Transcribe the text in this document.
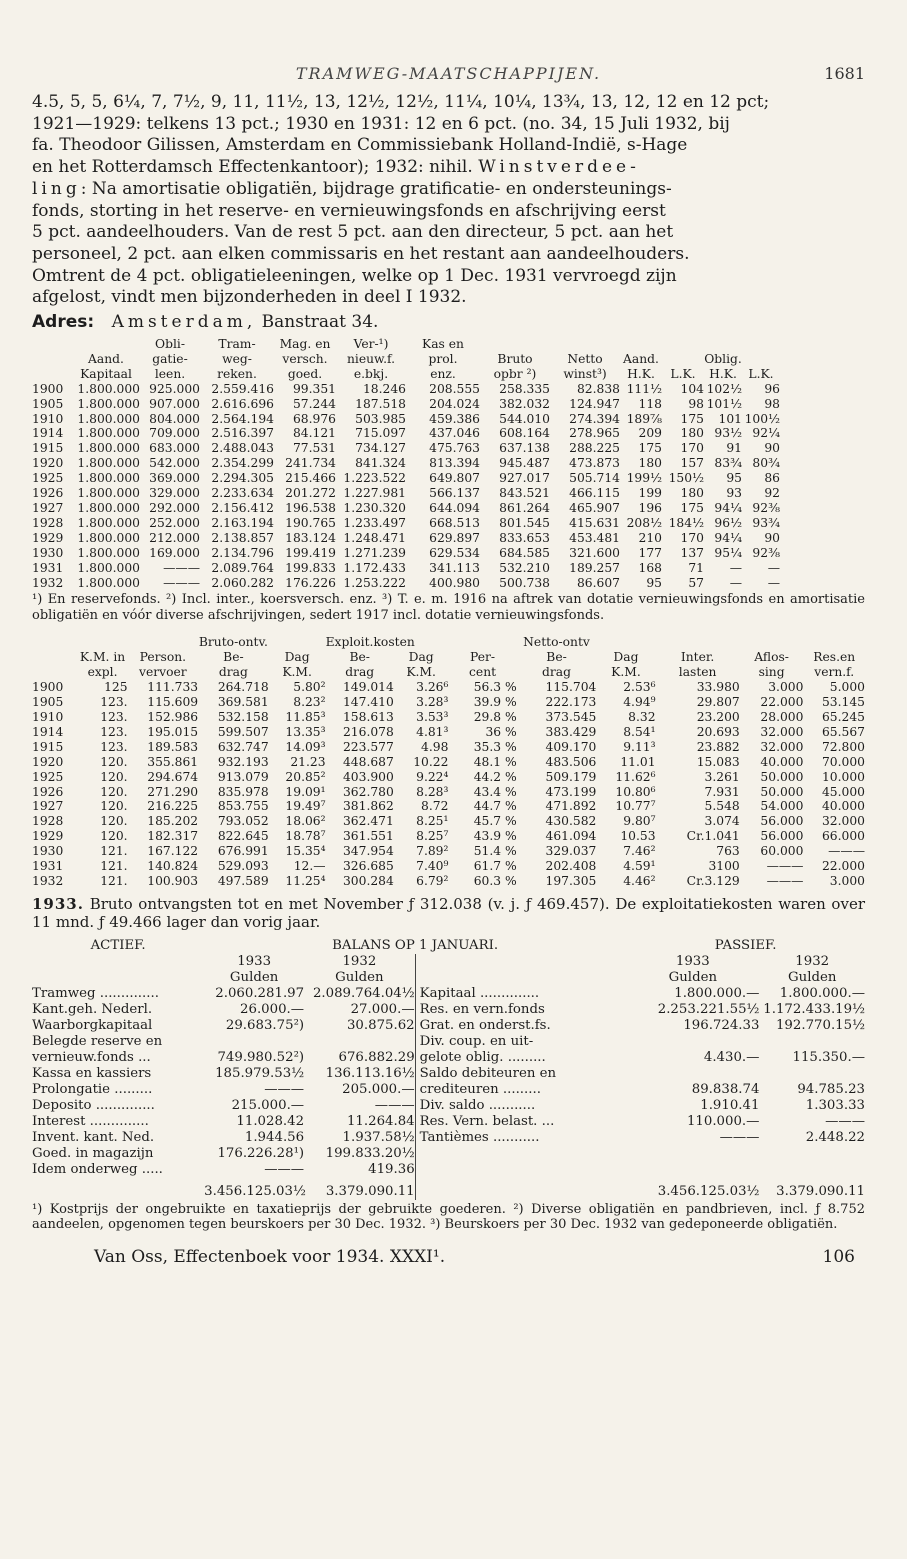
TRAMWEG-MAATSCHAPPIJEN.	1681

4.5, 5, 5, 6¼, 7, 7½, 9, 11, 11½, 13, 12½, 12½, 11¼, 10¼, 13¾, 13, 12, 12 en 12 pct;

1921—1929: telkens 13 pct.; 1930 en 1931: 12 en 6 pct. (no. 34, 15 Juli 1932, bij

fa. Theodoor Gilissen, Amsterdam en Commissiebank Holland-Indië, s-Hage

en het Rotterdamsch Effectenkantoor); 1932: nihil. Winstverdee-

ling: Na amortisatie obligatiën, bijdrage gratificatie- en ondersteunings-

fonds, storting in het reserve- en vernieuwingsfonds en afschrijving eerst

5 pct. aandeelhouders. Van de rest 5 pct. aan den directeur, 5 pct. aan het

personeel, 2 pct. aan elken commissaris en het restant aan aandeelhouders.

Omtrent de 4 pct. obligatieleeningen, welke op 1 Dec. 1931 vervroegd zijn

afgelost, vindt men bijzonderheden in deel I 1932.

Adres: Amsterdam, Banstraat 34.
		Obli-	Tram-	Mag. en	Ver-¹)	Kas en							
	Aand.	gatie-	weg-	versch.	nieuw.f.	prol.	Bruto	Netto	Aand.		Oblig.		
	Kapitaal	leen.	reken.	goed.	e.bkj.	enz.	opbr ²)	winst³)	H.K.	L.K.	H.K.	L.K.	
1900	1.800.000	925.000	2.559.416	99.351	18.246	208.555	258.335	82.838	111½	104	102½	96	
1905	1.800.000	907.000	2.616.696	57.244	187.518	204.024	382.032	124.947	118	98	101½	98	
1910	1.800.000	804.000	2.564.194	68.976	503.985	459.386	544.010	274.394	189⅞	175	101	100½	
1914	1.800.000	709.000	2.516.397	84.121	715.097	437.046	608.164	278.965	209	180	93½	92¼	
1915	1.800.000	683.000	2.488.043	77.531	734.127	475.763	637.138	288.225	175	170	91	90	
1920	1.800.000	542.000	2.354.299	241.734	841.324	813.394	945.487	473.873	180	157	83¾	80¾	
1925	1.800.000	369.000	2.294.305	215.466	1.223.522	649.807	927.017	505.714	199½	150½	95	86	
1926	1.800.000	329.000	2.233.634	201.272	1.227.981	566.137	843.521	466.115	199	180	93	92	
1927	1.800.000	292.000	2.156.412	196.538	1.230.320	644.094	861.264	465.907	196	175	94¼	92⅜	
1928	1.800.000	252.000	2.163.194	190.765	1.233.497	668.513	801.545	415.631	208½	184½	96½	93¾	
1929	1.800.000	212.000	2.138.857	183.124	1.248.471	629.897	833.653	453.481	210	170	94¼	90	
1930	1.800.000	169.000	2.134.796	199.419	1.271.239	629.534	684.585	321.600	177	137	95¼	92⅜	
1931	1.800.000	———	2.089.764	199.833	1.172.433	341.113	532.210	189.257	168	71	—	—	
1932	1.800.000	———	2.060.282	176.226	1.253.222	400.980	500.738	86.607	95	57	—	—	

¹) En reservefonds. ²) Incl. inter., koersversch. enz. ³) T. e. m. 1916 na aftrek van dotatie vernieuwingsfonds en amortisatie obligatiën en vóór diverse afschrijvingen, sedert 1917 incl. dotatie vernieuwingsfonds.

			Bruto-ontv.		Exploit.kosten			Netto-ontv				
	K.M. in	Person.	Be-	Dag	Be-	Dag	Per-	Be-	Dag	Inter.	Aflos-	Res.en
	expl.	vervoer	drag	K.M.	drag	K.M.	cent	drag	K.M.	lasten	sing	vern.f.
1900	125	111.733	264.718	5.80²	149.014	3.26⁶	56.3 %	115.704	2.53⁶	33.980	3.000	5.000
1905	123.	115.609	369.581	8.23²	147.410	3.28³	39.9 %	222.173	4.94⁹	29.807	22.000	53.145
1910	123.	152.986	532.158	11.85³	158.613	3.53³	29.8 %	373.545	8.32	23.200	28.000	65.245
1914	123.	195.015	599.507	13.35³	216.078	4.81³	36 %	383.429	8.54¹	20.693	32.000	65.567
1915	123.	189.583	632.747	14.09³	223.577	4.98	35.3 %	409.170	9.11³	23.882	32.000	72.800
1920	120.	355.861	932.193	21.23	448.687	10.22	48.1 %	483.506	11.01	15.083	40.000	70.000
1925	120.	294.674	913.079	20.85²	403.900	9.22⁴	44.2 %	509.179	11.62⁶	3.261	50.000	10.000
1926	120.	271.290	835.978	19.09¹	362.780	8.28³	43.4 %	473.199	10.80⁶	7.931	50.000	45.000
1927	120.	216.225	853.755	19.49⁷	381.862	8.72	44.7 %	471.892	10.77⁷	5.548	54.000	40.000
1928	120.	185.202	793.052	18.06²	362.471	8.25¹	45.7 %	430.582	9.80⁷	3.074	56.000	32.000
1929	120.	182.317	822.645	18.78⁷	361.551	8.25⁷	43.9 %	461.094	10.53	Cr.1.041	56.000	66.000
1930	121.	167.122	676.991	15.35⁴	347.954	7.89²	51.4 %	329.037	7.46²	763	60.000	———
1931	121.	140.824	529.093	12.—	326.685	7.40⁹	61.7 %	202.408	4.59¹	3100	———	22.000
1932	121.	100.903	497.589	11.25⁴	300.284	6.79²	60.3 %	197.305	4.46²	Cr.3.129	———	3.000

1933. Bruto ontvangsten tot en met November ƒ 312.038 (v. j. ƒ 469.457). De exploitatiekosten waren over 11 mnd. ƒ 49.466 lager dan vorig jaar.

ACTIEF.	BALANS OP 1 JANUARI.			PASSIEF.	
	1933	1932		1933	1932
	Gulden	Gulden		Gulden	Gulden
Tramweg ..............	2.060.281.97	2.089.764.04½	Kapitaal ..............	1.800.000.—	1.800.000.—
Kant.geh. Nederl.	26.000.—	27.000.—	Res. en vern.fonds	2.253.221.55½	1.172.433.19½
Waarborgkapitaal	29.683.75²)	30.875.62	Grat. en onderst.fs.	196.724.33	192.770.15½
Belegde reserve en			Div. coup. en uit-		
vernieuw.fonds ...	749.980.52²)	676.882.29	gelote oblig. .........	4.430.—	115.350.—
Kassa en kassiers	185.979.53½	136.113.16½	Saldo debiteuren en		
Prolongatie .........	———	205.000.—	crediteuren .........	89.838.74	94.785.23
Deposito ..............	215.000.—	———	Div. saldo ...........	1.910.41	1.303.33
Interest ..............	11.028.42	11.264.84	Res. Vern. belast. ...	110.000.—	———
Invent. kant. Ned.	1.944.56	1.937.58½	Tantièmes ...........	———	2.448.22
Goed. in magazijn	176.226.28¹)	199.833.20½			
Idem onderweg .....	———	419.36			
	3.456.125.03½	3.379.090.11		3.456.125.03½	3.379.090.11

¹) Kostprijs der ongebruikte en taxatieprijs der gebruikte goederen. ²) Diverse obligatiën en pandbrieven, incl. ƒ 8.752 aandeelen, opgenomen tegen beurskoers per 30 Dec. 1932. ³) Beurskoers per 30 Dec. 1932 van gedeponeerde obligatiën.

Van Oss, Effectenboek voor 1934. XXXI¹.	106
